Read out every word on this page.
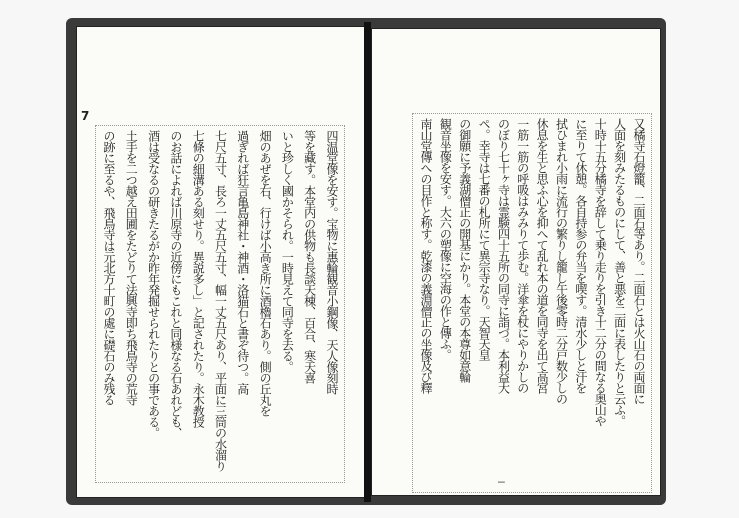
7
四温堂像を安す。宝物に惠輪観音小鋼像、天人像刻時
等を藏す。本堂内の供物も長談天棟、百合、寒天喜
いと珍しく國かそられ。一時見えて同寺を去る。
畑のあぜを右、行けば小高き所に酒櫓石あり。側の丘丸を
過ぎれば狂言亀島神社・神酒・洛猫石と書ぞ待つ。高
七尺五寸、長ろ一丈五尺五寸、幅一丈五尺あり、平面に三筒の水溜り
七條の細溝ある刻せり。異説多し」と記されたり。永木教授
のお話によれば川原寺の近傍にもこれと同様なる石あれども、
酒は受なるの研きたるがか昨年発掘せられたりとの事である。
土手を二つ越え田圃をたどりて法興寺即ち飛鳥寺の荒寺
の跡に至るや、飛鳥寺は元北方十町の處に礎石のみ残る	又橘寺石燈籠、二面石等あり。二面石とは火山石の両面に
人面を刻みたるものにして、善と悪を二面に表したりと云ふ。
十時十五分橘寺を辞して乗り走りを引き十二分の間なる奥山や
に至りて休憩。各自持参の弁当を喫す。清水少しと汗を
拭ひまれ小雨に流行の繁りし籠し午後零時二分戸数少しの
休息を生と思ふ心を抑へて乱れ本の道を同寺を出て高宮
一筋一筋の呼吸はみみりて歩む。洋傘を杖にやりかしの
のぼり七十ヶ寺は霊験四十五所の同寺に詣づ。本利益大
ペ。幸寺は七番の札所にて異宗寺なり。天智天皇
の御願に予義湖僧正の開基にかり。本堂の本尊如意輪
観音坐像を安す。大六の塑像に空海の作と傳ふ。
南山堂傳への目作と称す。乾漆の義淵僧正の坐像及び釋
─
